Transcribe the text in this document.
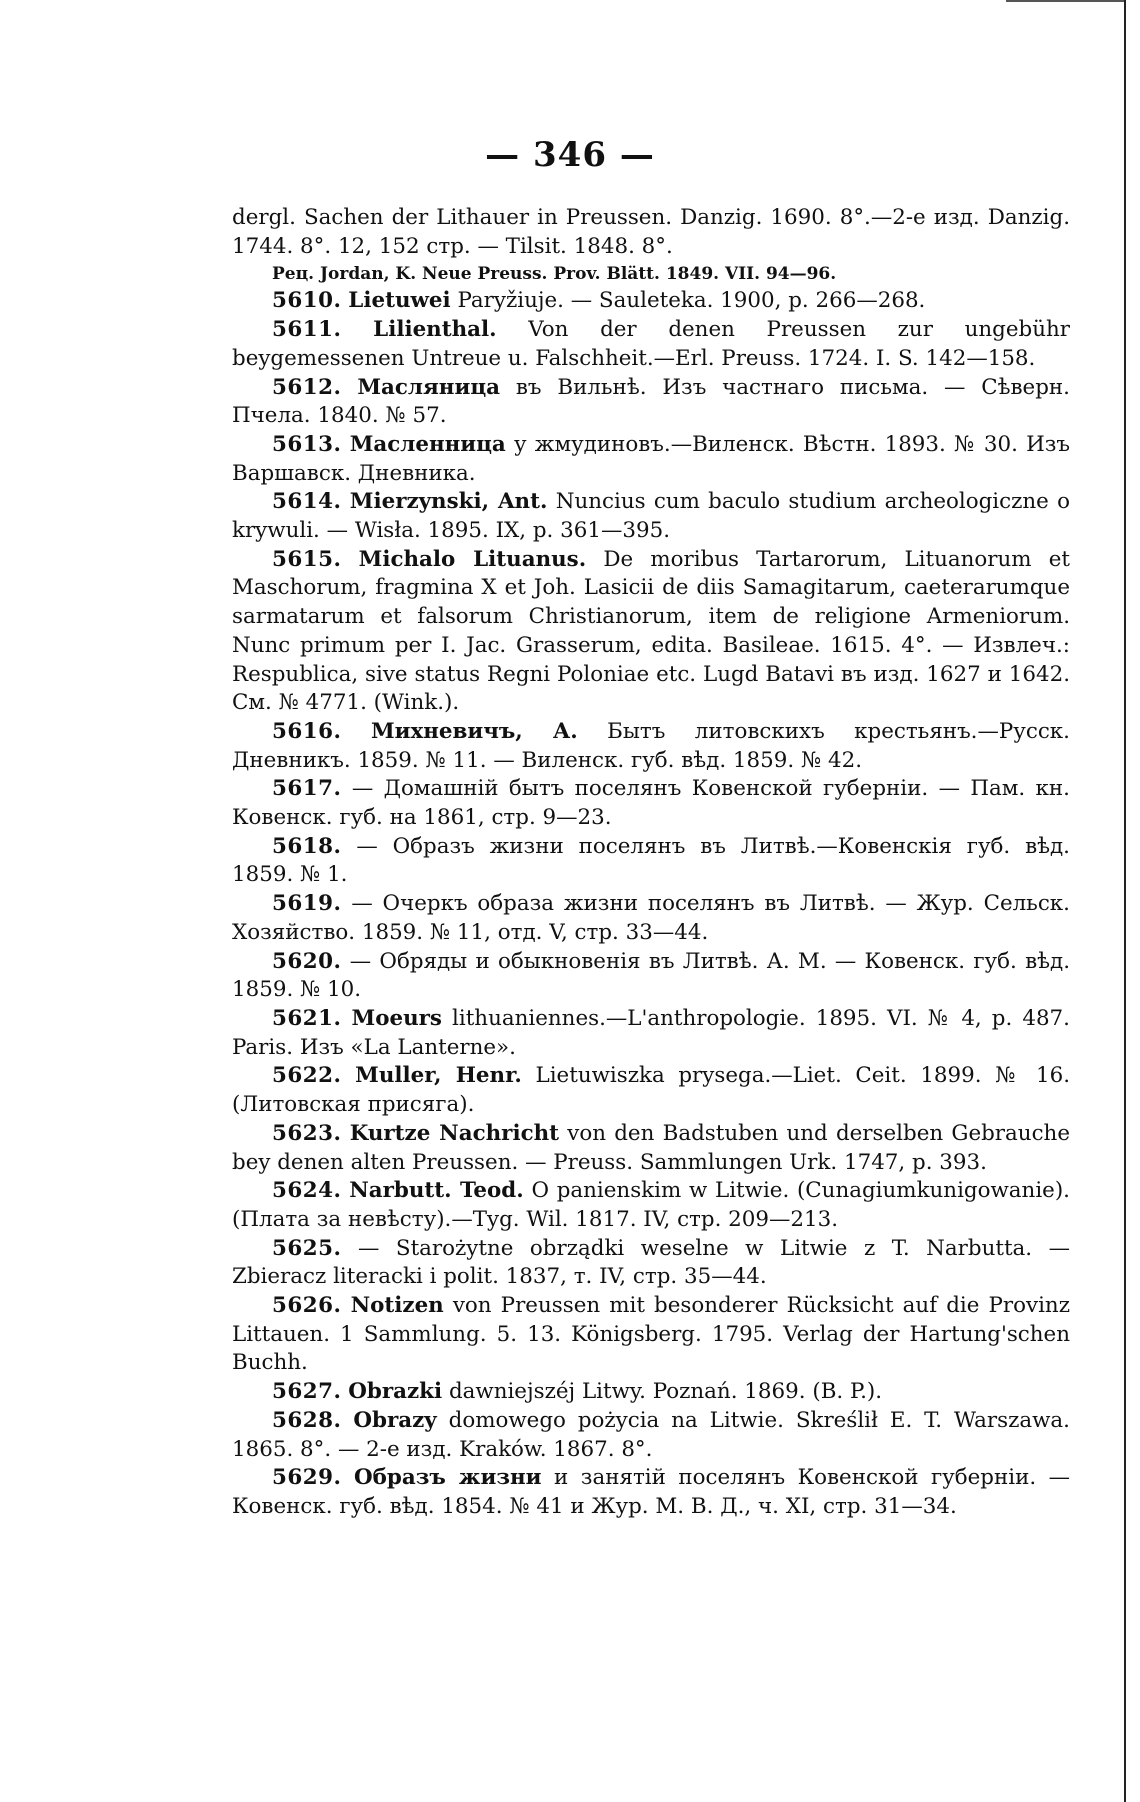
— 346 —

dergl. Sachen der Lithauer in Preussen. Danzig. 1690. 8°.—2-е изд. Danzig. 1744. 8°. 12, 152 стр. — Tilsit. 1848. 8°.

Рец. Jordan, K. Neue Preuss. Prov. Blätt. 1849. VII. 94—96.

5610. Lietuwei Paryžiuje. — Sauletеka. 1900, p. 266—268.

5611. Lilienthal. Von der denen Preussen zur ungebühr beygemessenen Untreue u. Falschheit.—Erl. Preuss. 1724. I. S. 142—158.

5612. Масляница въ Вильнѣ. Изъ частнаго письма. — Сѣверн. Пчела. 1840. № 57.

5613. Масленница у жмудиновъ.—Виленск. Вѣстн. 1893. № 30. Изъ Варшавск. Дневника.

5614. Mierzynski, Ant. Nuncius cum baculo studium archeologiczne o krywuli. — Wisła. 1895. IX, p. 361—395.

5615. Michalo Lituanus. De moribus Tartarorum, Lituanorum et Maschorum, fragmina X et Joh. Lasicii de diis Samagitarum, caeterarumque sarmatarum et falsorum Christianorum, item de religione Armeniorum. Nunc primum per I. Jac. Grasserum, edita. Basileae. 1615. 4°. — Извлеч.: Respublica, sive status Regni Poloniae etc. Lugd Batavi въ изд. 1627 и 1642. См. № 4771. (Wink.).

5616. Михневичъ, А. Бытъ литовскихъ крестьянъ.—Русск. Дневникъ. 1859. № 11. — Виленск. губ. вѣд. 1859. № 42.

5617. — Домашній бытъ поселянъ Ковенской губерніи. — Пам. кн. Ковенск. губ. на 1861, стр. 9—23.

5618. — Образъ жизни поселянъ въ Литвѣ.—Ковенскія губ. вѣд. 1859. № 1.

5619. — Очеркъ образа жизни поселянъ въ Литвѣ. — Жур. Сельск. Хозяйство. 1859. № 11, отд. V, стр. 33—44.

5620. — Обряды и обыкновенія въ Литвѣ. А. М. — Ковенск. губ. вѣд. 1859. № 10.

5621. Moeurs lithuaniennes.—L'anthropologie. 1895. VI. № 4, p. 487. Paris. Изъ «La Lanterne».

5622. Muller, Henr. Lietuwiszka prysega.—Liet. Ceit. 1899. № 16. (Литовская присяга).

5623. Kurtze Nachricht von den Badstuben und derselben Gebrauche bey denen alten Preussen. — Preuss. Sammlungen Urk. 1747, p. 393.

5624. Narbutt. Teod. O panienskim w Litwie. (Cunagiumkunigowanie). (Плата за невѣсту).—Tyg. Wil. 1817. IV, стр. 209—213.

5625. — Starożytne obrządki weselne w Litwie z T. Narbutta. — Zbieracz literacki i polit. 1837, т. IV, стр. 35—44.

5626. Notizen von Preussen mit besonderer Rücksicht auf die Provinz Littauen. 1 Sammlung. 5. 13. Königsberg. 1795. Verlag der Hartung'schen Buchh.

5627. Obrazki dawniejszéj Litwy. Poznań. 1869. (B. P.).

5628. Obrazy domowego pożycia na Litwie. Skreślił E. T. Warszawa. 1865. 8°. — 2-е изд. Kraków. 1867. 8°.

5629. Образъ жизни и занятій поселянъ Ковенской губерніи. — Ковенск. губ. вѣд. 1854. № 41 и Жур. М. В. Д., ч. XI, стр. 31—34.
